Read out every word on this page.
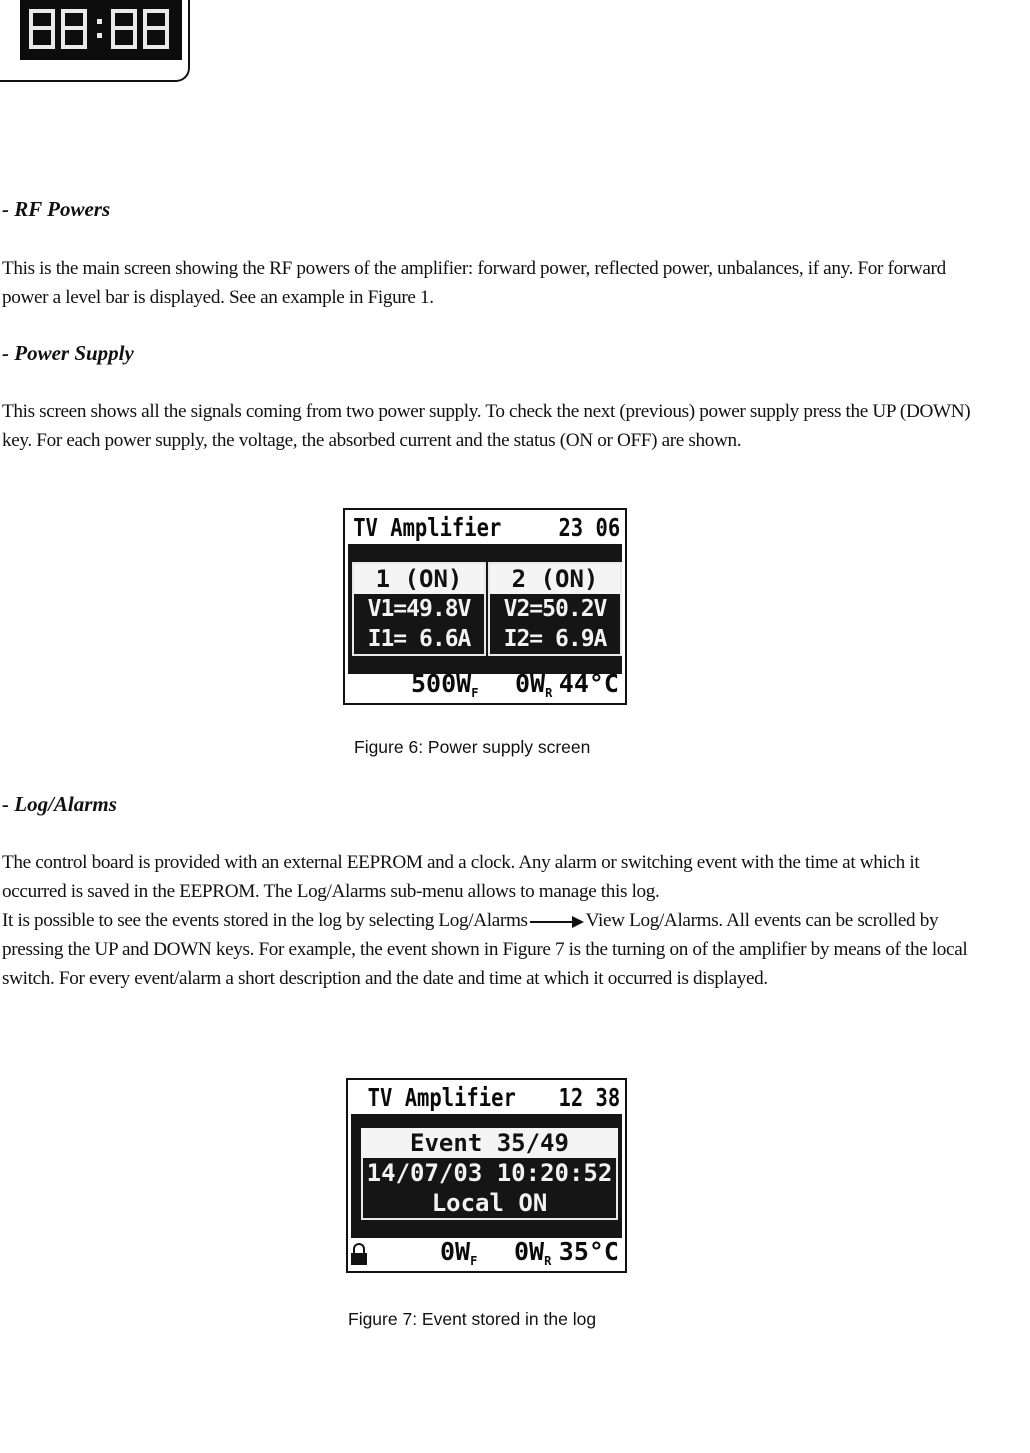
- RF Powers
This is the main screen showing the RF powers of the amplifier: forward power, reflected power, unbalances, if any. For forward power a level bar is displayed. See an example in Figure 1.
- Power Supply
This screen shows all the signals coming from two power supply. To check the next (previous) power supply press the UP (DOWN) key. For each power supply, the voltage, the absorbed current and the status (ON or OFF) are shown.
TV Amplifier 23 06
1 (ON)
V1=49.8V
I1= 6.6A
2 (ON)
V2=50.2V
I2= 6.9A
$500W_F$ $0W_R$ 44°C

Figure 6: Power supply screen

- Log/Alarms

The control board is provided with an external EEPROM and a clock. Any alarm or switching event with the time at which it occurred is saved in the EEPROM. The Log/Alarms sub-menu allows to manage this log.

It is possible to see the events stored in the log by selecting Log/Alarms	View Log/Alarms. All events can be scrolled by pressing the UP and DOWN keys. For example, the event shown in Figure 7 is the turning on of the amplifier by means of the local switch. For every event/alarm a short description and the date and time at which it occurred is displayed.

TV Amplifier 12 38
Event 35/49
14/07/03 10:20:52
Local ON
$0W_F$ $0W_R$ 35°C

Figure 7: Event stored in the log
